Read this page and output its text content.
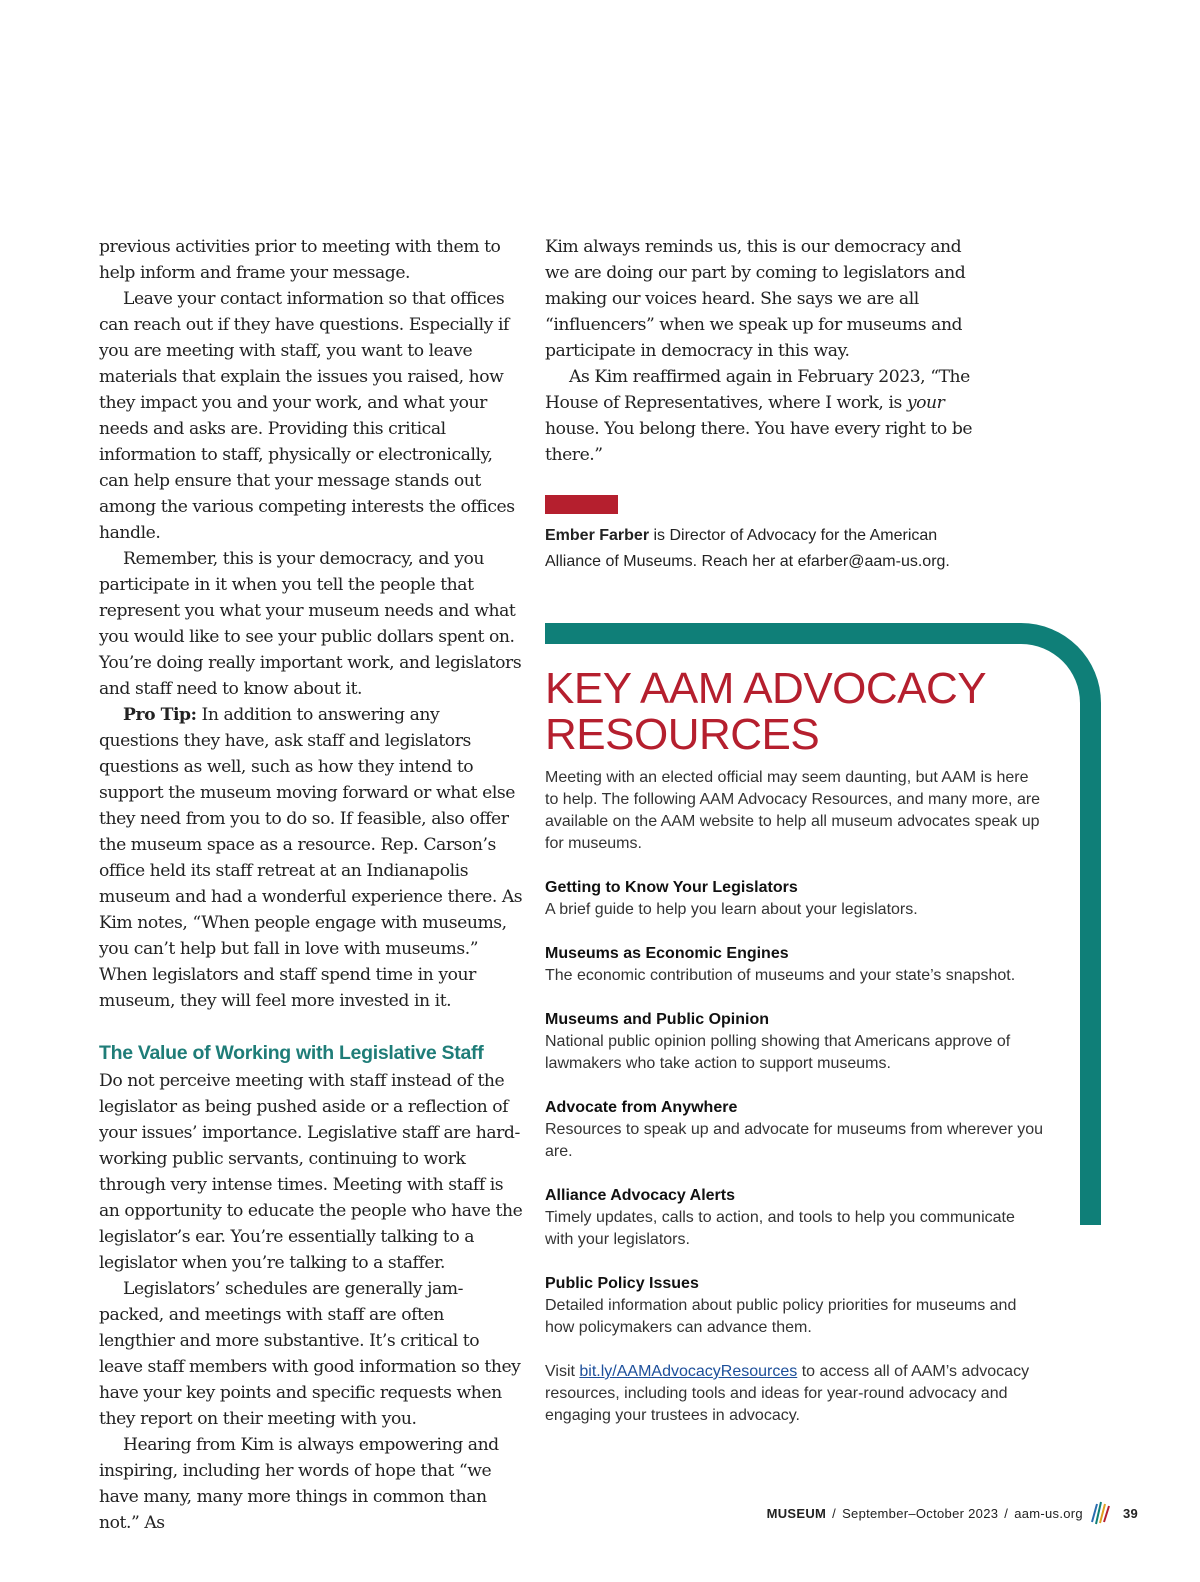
previous activities prior to meeting with them to help inform and frame your message.

Leave your contact information so that offices can reach out if they have questions. Especially if you are meeting with staff, you want to leave materials that explain the issues you raised, how they impact you and your work, and what your needs and asks are. Providing this critical information to staff, physically or electronically, can help ensure that your message stands out among the various competing interests the offices handle.

Remember, this is your democracy, and you participate in it when you tell the people that represent you what your museum needs and what you would like to see your public dollars spent on. You’re doing really important work, and legislators and staff need to know about it.

Pro Tip: In addition to answering any questions they have, ask staff and legislators questions as well, such as how they intend to support the museum moving forward or what else they need from you to do so. If feasible, also offer the museum space as a resource. Rep. Carson’s office held its staff retreat at an Indianapolis museum and had a wonderful experience there. As Kim notes, “When people engage with museums, you can’t help but fall in love with museums.” When legislators and staff spend time in your museum, they will feel more invested in it.

The Value of Working with Legislative Staff

Do not perceive meeting with staff instead of the legislator as being pushed aside or a reflection of your issues’ importance. Legislative staff are hard-working public servants, continuing to work through very intense times. Meeting with staff is an opportunity to educate the people who have the legislator’s ear. You’re essentially talking to a legislator when you’re talking to a staffer.

Legislators’ schedules are generally jam-packed, and meetings with staff are often lengthier and more substantive. It’s critical to leave staff members with good information so they have your key points and specific requests when they report on their meeting with you.

Hearing from Kim is always empowering and inspiring, including her words of hope that “we have many, many more things in common than not.” As

Kim always reminds us, this is our democracy and we are doing our part by coming to legislators and making our voices heard. She says we are all “influencers” when we speak up for museums and participate in democracy in this way.

As Kim reaffirmed again in February 2023, “The House of Representatives, where I work, is your house. You belong there. You have every right to be there.”

Ember Farber is Director of Advocacy for the American Alliance of Museums. Reach her at efarber@aam-us.org.
KEY AAM ADVOCACY
RESOURCES

Meeting with an elected official may seem daunting, but AAM is here to help. The following AAM Advocacy Resources, and many more, are available on the AAM website to help all museum advocates speak up for museums.

Getting to Know Your Legislators
A brief guide to help you learn about your legislators.
Museums as Economic Engines
The economic contribution of museums and your state’s snapshot.
Museums and Public Opinion
National public opinion polling showing that Americans approve of lawmakers who take action to support museums.
Advocate from Anywhere
Resources to speak up and advocate for museums from wherever you are.
Alliance Advocacy Alerts
Timely updates, calls to action, and tools to help you communicate with your legislators.
Public Policy Issues
Detailed information about public policy priorities for museums and how policymakers can advance them.

Visit bit.ly/AAMAdvocacyResources to access all of AAM’s advocacy resources, including tools and ideas for year-round advocacy and engaging your trustees in advocacy.

MUSEUM / September–October 2023 / aam-us.org	39
